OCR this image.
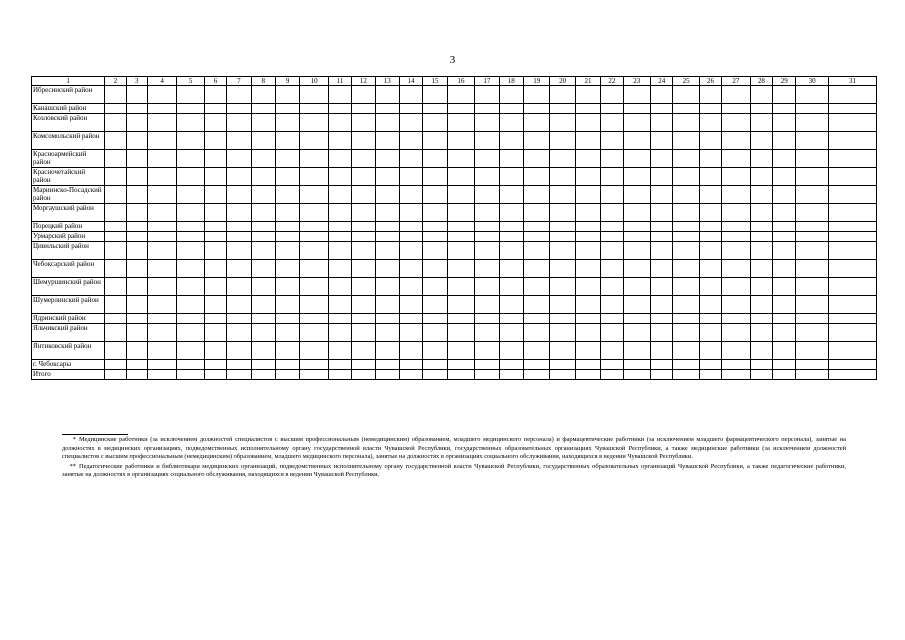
3
1	2	3	4	5	6	7	8	9	10	11	12	13	14	15	16	17	18	19	20	21	22	23	24	25	26	27	28	29	30	31
Ибресинский район																														
Канашский район																														
Козловский район																														
Комсомольский район																														
Красноармейский район																														
Красночетайский район																														
Мариинско-Посадский район																														
Моргаушский район																														
Порецкий район																														
Урмарский район																														
Цивильский район																														
Чебоксарский район																														
Шемуршинский район																														
Шумерлинский район																														
Ядринский район																														
Яльчикский район																														
Янтиковский район																														
г. Чебоксары																														
Итого																														
* Медицинские работники (за исключением должностей специалистов с высшим профессиональным (немедицинским) образованием, младшего медицинского персонала) и фармацевтические работники (за исключением младшего фармацевтического персонала), занятые на должностях в медицинских организациях, подведомственных исполнительному органу государственной власти Чувашской Республики, государственных образовательных организациях Чувашской Республики, а также медицинские работники (за исключением должностей специалистов с высшим профессиональным (немедицинским) образованием, младшего медицинского персонала), занятые на должностях в организациях социального обслуживания, находящихся в ведении Чувашской Республики.
** Педагогические работники и библиотекари медицинских организаций, подведомственных исполнительному органу государственной власти Чувашской Республики, государственных образовательных организаций Чувашской Республики, а также педагогические работники, занятые на должностях в организациях социального обслуживания, находящихся в ведении Чувашской Республики.
